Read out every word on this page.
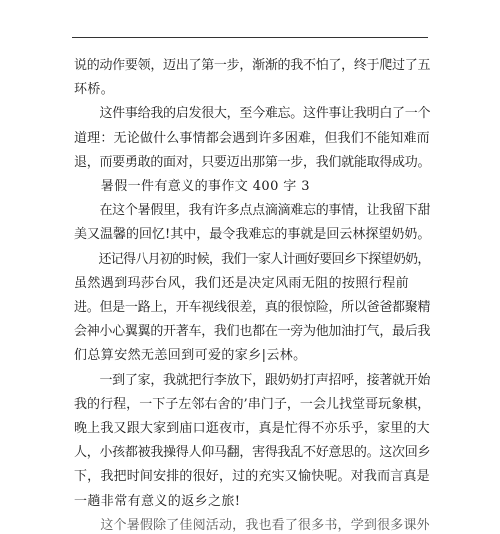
说的动作要领，迈出了第一步，渐渐的我不怕了，终于爬过了五
环桥。
　　这件事给我的启发很大，至今难忘。这件事让我明白了一个
道理：无论做什么事情都会遇到许多困难，但我们不能知难而
退，而要勇敢的面对，只要迈出那第一步，我们就能取得成功。
　　暑假一件有意义的事作文 400 字 3
　　在这个暑假里，我有许多点点滴滴难忘的事情，让我留下甜
美又温馨的回忆!其中，最令我难忘的事就是回云林探望奶奶。
　　还记得八月初的时候，我们一家人计画好要回乡下探望奶奶，
虽然遇到玛莎台风，我们还是决定风雨无阻的按照行程前
进。但是一路上，开车视线很差，真的很惊险，所以爸爸都聚精
会神小心翼翼的开著车，我们也都在一旁为他加油打气，最后我
们总算安然无恙回到可爱的家乡|云林。
　　一到了家，我就把行李放下，跟奶奶打声招呼，接著就开始
我的行程，一下子左邻右舍的’串门子，一会儿找堂哥玩象棋，
晚上我又跟大家到庙口逛夜市，真是忙得不亦乐乎，家里的大
人，小孩都被我操得人仰马翻，害得我乱不好意思的。这次回乡
下，我把时间安排的很好，过的充实又愉快呢。对我而言真是
一趟非常有意义的返乡之旅!
　　这个暑假除了佳阅活动，我也看了很多书，学到很多课外
